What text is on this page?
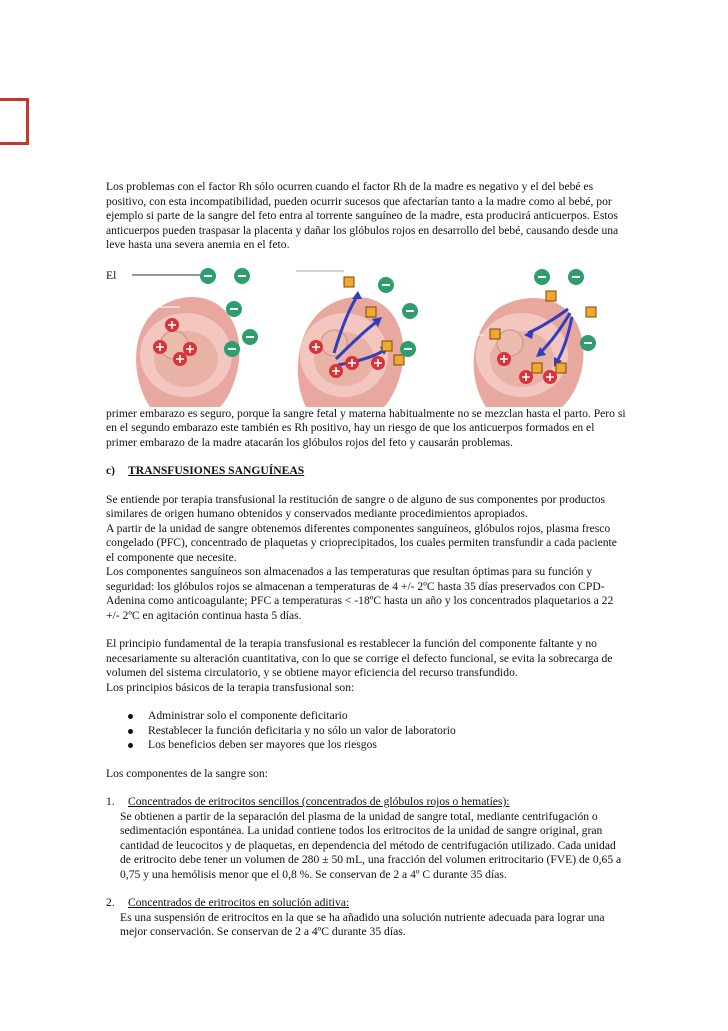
Los problemas con el factor Rh sólo ocurren cuando el factor Rh de la madre es negativo y el del bebé es positivo, con esta incompatibilidad, pueden ocurrir sucesos que afectarían tanto a la madre como al bebé, por ejemplo si parte de la sangre del feto entra al torrente sanguíneo de la madre, esta producirá anticuerpos. Estos anticuerpos pueden traspasar la placenta y dañar los glóbulos rojos en desarrollo del bebé, causando desde una leve hasta una severa anemia en el feto.

El

primer embarazo es seguro, porque la sangre fetal y materna habitualmente no se mezclan hasta el parto. Pero si en el segundo embarazo este también es Rh positivo, hay un riesgo de que los anticuerpos formados en el primer embarazo de la madre atacarán los glóbulos rojos del feto y causarán problemas.

c)	TRANSFUSIONES SANGUÍNEAS

Se entiende por terapia transfusional la restitución de sangre o de alguno de sus componentes por productos similares de origen humano obtenidos y conservados mediante procedimientos apropiados.

A partir de la unidad de sangre obtenemos diferentes componentes sanguíneos, glóbulos rojos, plasma fresco congelado (PFC), concentrado de plaquetas y crioprecipitados, los cuales permiten transfundir a cada paciente el componente que necesite.

Los componentes sanguíneos son almacenados a las temperaturas que resultan óptimas para su función y seguridad: los glóbulos rojos se almacenan a temperaturas de 4 +/- 2ºC hasta 35 días preservados con CPD-Adenina como anticoagulante; PFC a temperaturas < -18ºC hasta un año y los concentrados plaquetarios a 22 +/- 2ºC en agitación continua hasta 5 días.

El principio fundamental de la terapia transfusional es restablecer la función del componente faltante y no necesariamente su alteración cuantitativa, con lo que se corrige el defecto funcional, se evita la sobrecarga de volumen del sistema circulatorio, y se obtiene mayor eficiencia del recurso transfundido.

Los principios básicos de la terapia transfusional son:

Administrar solo el componente deficitario
Restablecer la función deficitaria y no sólo un valor de laboratorio
Los beneficios deben ser mayores que los riesgos

Los componentes de la sangre son:

1.	Concentrados de eritrocitos sencillos (concentrados de glóbulos rojos o hematíes):

Se obtienen a partir de la separación del plasma de la unidad de sangre total, mediante centrifugación o sedimentación espontánea. La unidad contiene todos los eritrocitos de la unidad de sangre original, gran cantidad de leucocitos y de plaquetas, en dependencia del método de centrifugación utilizado. Cada unidad de eritrocito debe tener un volumen de 280 ± 50 mL, una fracción del volumen eritrocitario (FVE) de 0,65 a 0,75 y una hemólisis menor que el 0,8 %. Se conservan de 2 a 4º C durante 35 días.

2.	Concentrados de eritrocitos en solución aditiva:

Es una suspensión de eritrocitos en la que se ha añadido una solución nutriente adecuada para lograr una mejor conservación. Se conservan de 2 a 4ºC durante 35 días.
